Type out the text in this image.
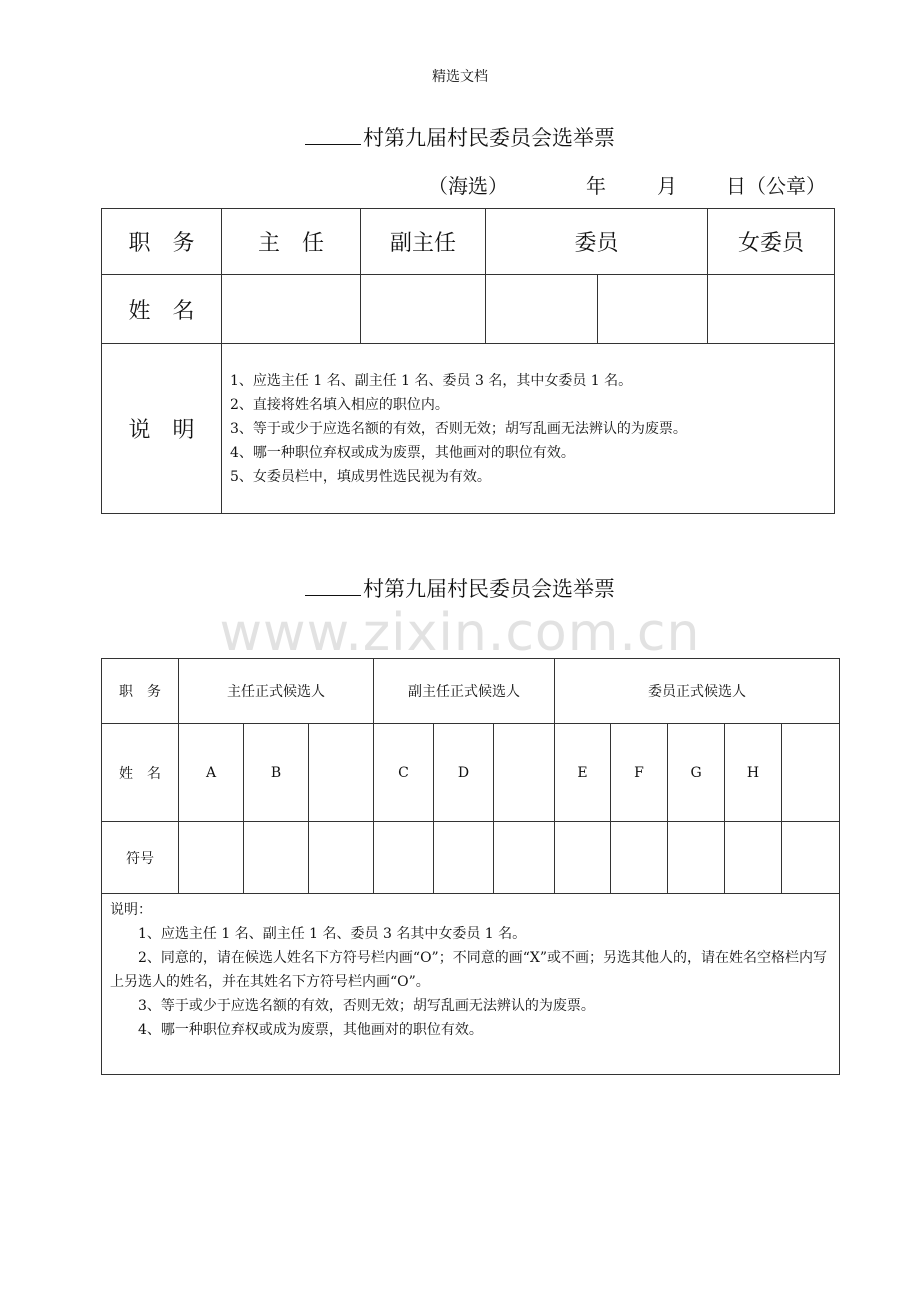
精选文档
村第九届村民委员会选举票
（海选）	年	月 日（公章）
职　务	主　任	副主任	委员		女委员
姓　名					
说　明	1、应选主任 1 名、副主任 1 名、委员 3 名，其中女委员 1 名。
2、直接将姓名填入相应的职位内。
3、等于或少于应选名额的有效，否则无效；胡写乱画无法辨认的为废票。
4、哪一种职位弃权或成为废票，其他画对的职位有效。
5、女委员栏中，填成男性选民视为有效。				
村第九届村民委员会选举票
www.zixin.com.cn
职　务	主任正式候选人			副主任正式候选人			委员正式候选人				
姓　名	A	B		C	D		E	F	G	H	
符号											

说明：
1、应选主任 1 名、副主任 1 名、委员 3 名其中女委员 1 名。
2、同意的，请在候选人姓名下方符号栏内画“O”；不同意的画“X”或不画；另选其他人的，请在姓名空格栏内写上另选人的姓名，并在其姓名下方符号栏内画“O”。
3、等于或少于应选名额的有效，否则无效；胡写乱画无法辨认的为废票。
4、哪一种职位弃权或成为废票，其他画对的职位有效。											
